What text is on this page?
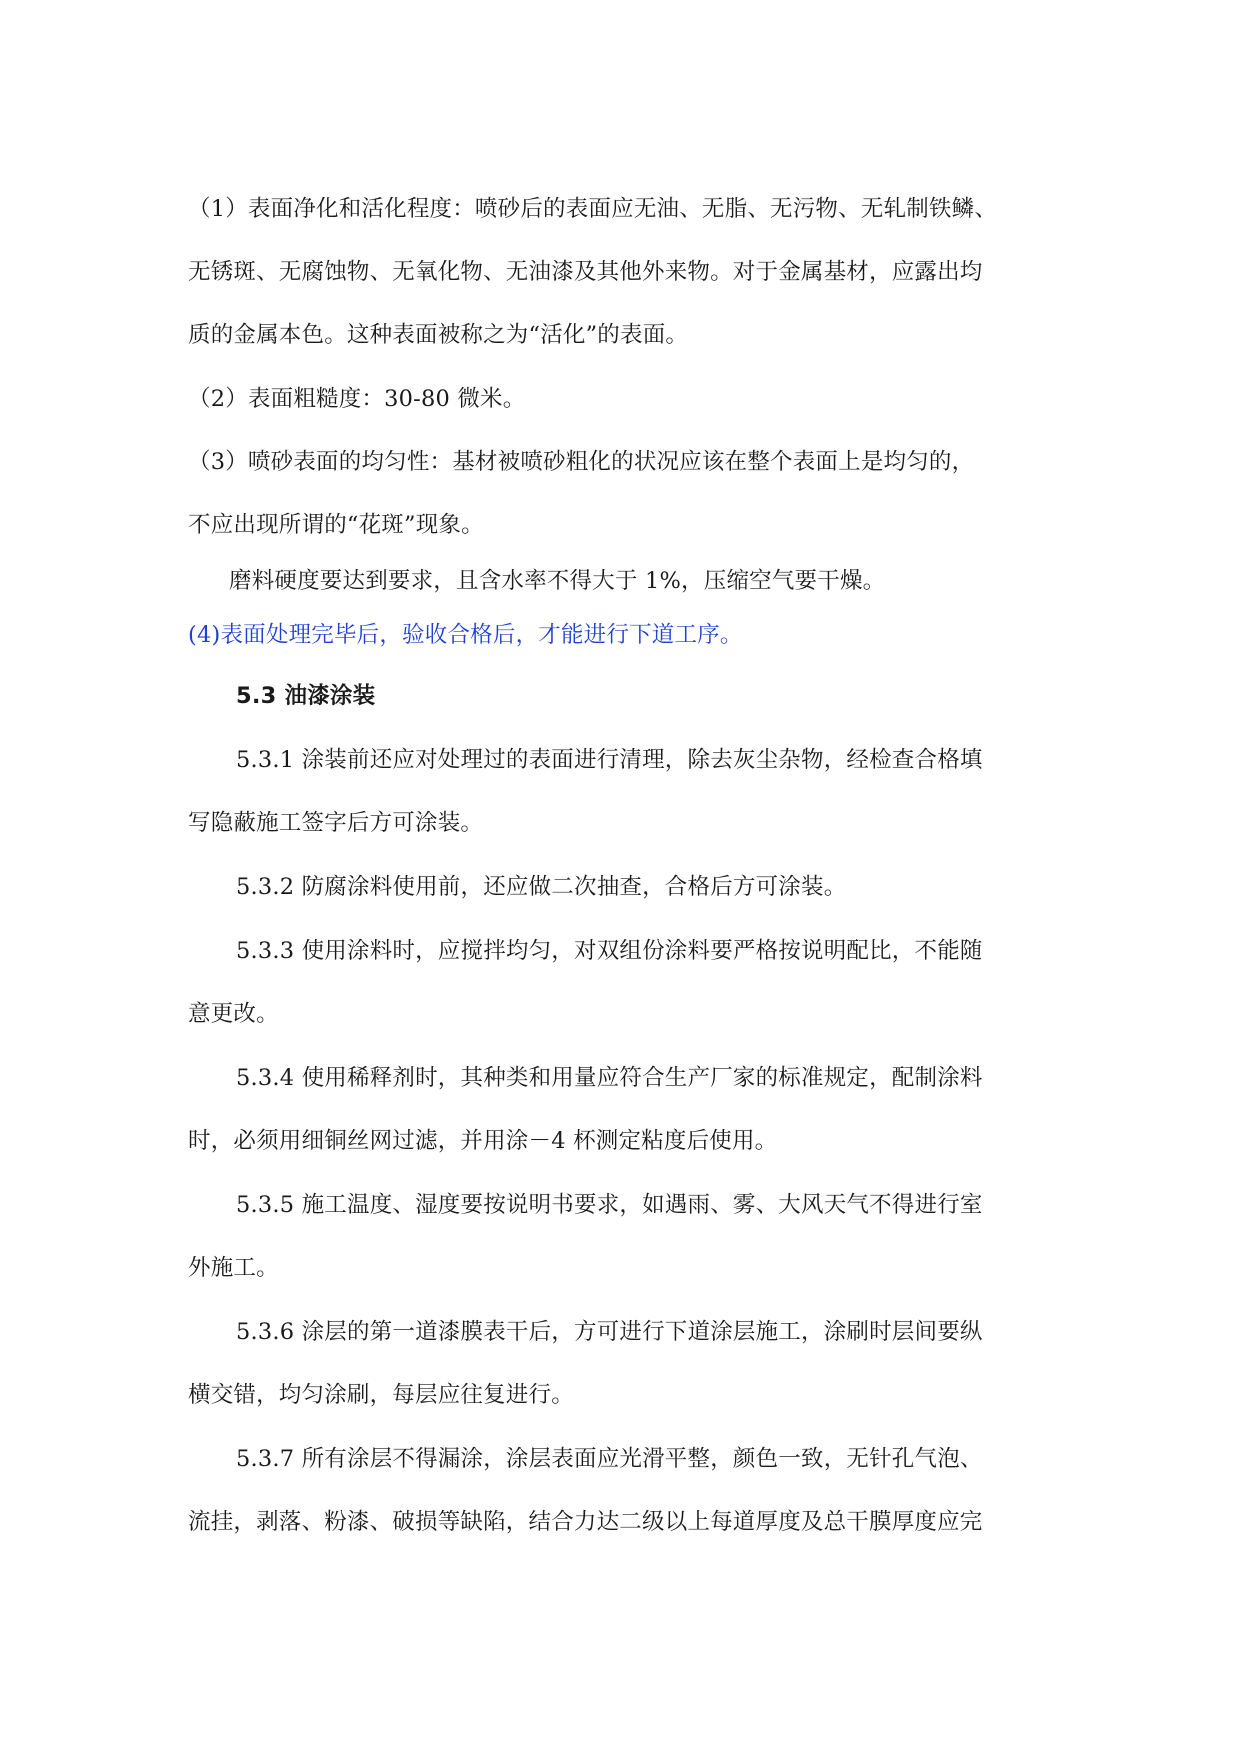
（1）表面净化和活化程度：喷砂后的表面应无油、无脂、无污物、无轧制铁鳞、
无锈斑、无腐蚀物、无氧化物、无油漆及其他外来物。对于金属基材，应露出均
质的金属本色。这种表面被称之为“活化”的表面。
（2）表面粗糙度：30-80 微米。
（3）喷砂表面的均匀性：基材被喷砂粗化的状况应该在整个表面上是均匀的，
不应出现所谓的“花斑”现象。
磨料硬度要达到要求，且含水率不得大于 1%，压缩空气要干燥。
(4)表面处理完毕后，验收合格后，才能进行下道工序。
5.3 油漆涂装
5.3.1 涂装前还应对处理过的表面进行清理，除去灰尘杂物，经检查合格填
写隐蔽施工签字后方可涂装。
5.3.2 防腐涂料使用前，还应做二次抽查，合格后方可涂装。
5.3.3 使用涂料时，应搅拌均匀，对双组份涂料要严格按说明配比，不能随
意更改。
5.3.4 使用稀释剂时，其种类和用量应符合生产厂家的标准规定，配制涂料
时，必须用细铜丝网过滤，并用涂－4 杯测定粘度后使用。
5.3.5 施工温度、湿度要按说明书要求，如遇雨、雾、大风天气不得进行室
外施工。
5.3.6 涂层的第一道漆膜表干后，方可进行下道涂层施工，涂刷时层间要纵
横交错，均匀涂刷，每层应往复进行。
5.3.7 所有涂层不得漏涂，涂层表面应光滑平整，颜色一致，无针孔气泡、
流挂，剥落、粉漆、破损等缺陷，结合力达二级以上每道厚度及总干膜厚度应完
